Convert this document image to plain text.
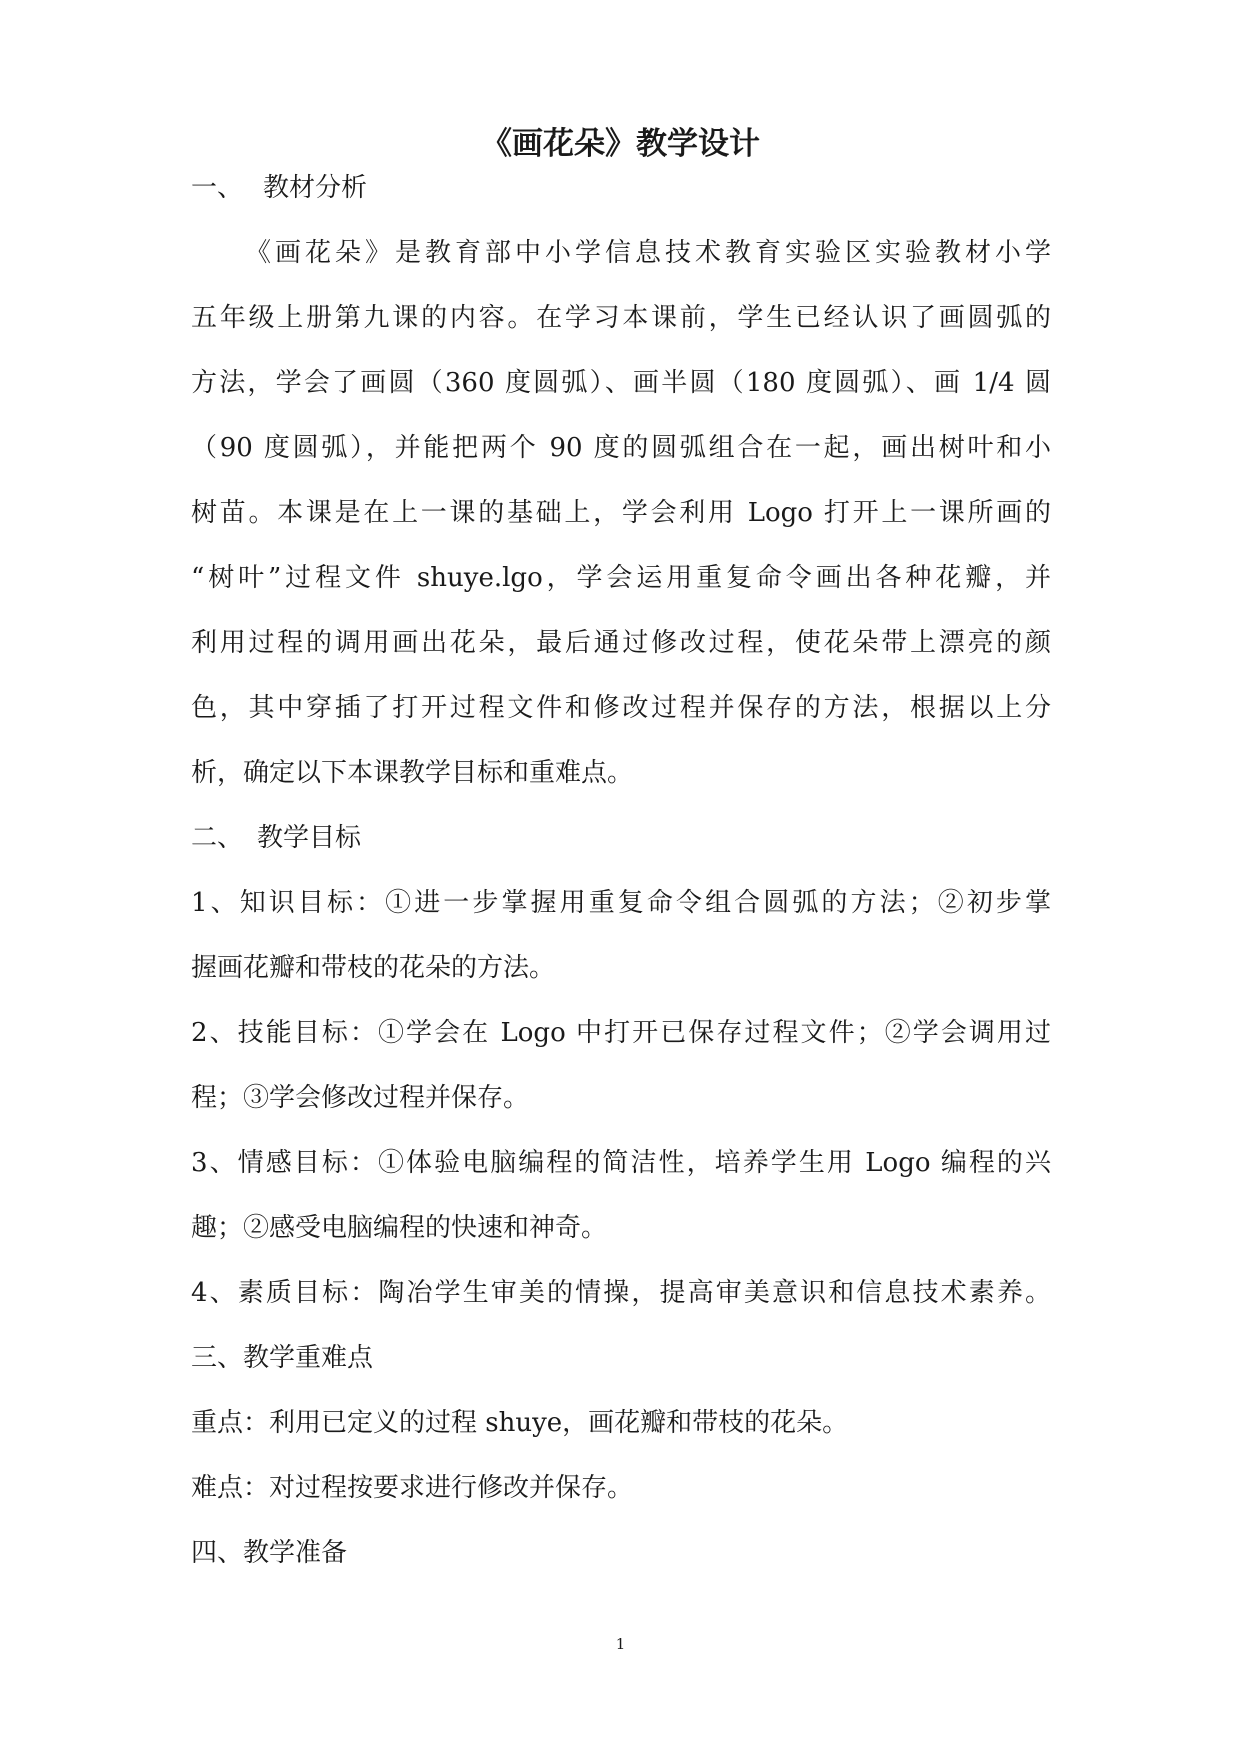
《画花朵》教学设计
一、 教材分析
《画花朵》是教育部中小学信息技术教育实验区实验教材小学
五年级上册第九课的内容。在学习本课前，学生已经认识了画圆弧的
方法，学会了画圆（360 度圆弧）、画半圆（180 度圆弧）、画 1/4 圆
（90 度圆弧），并能把两个 90 度的圆弧组合在一起，画出树叶和小
树苗。本课是在上一课的基础上，学会利用 Logo 打开上一课所画的
“树叶”过程文件 shuye.lgo，学会运用重复命令画出各种花瓣，并
利用过程的调用画出花朵，最后通过修改过程，使花朵带上漂亮的颜
色，其中穿插了打开过程文件和修改过程并保存的方法，根据以上分
析，确定以下本课教学目标和重难点。
二、 教学目标
1、知识目标：①进一步掌握用重复命令组合圆弧的方法；②初步掌
握画花瓣和带枝的花朵的方法。
2、技能目标：①学会在 Logo 中打开已保存过程文件；②学会调用过
程；③学会修改过程并保存。
3、情感目标：①体验电脑编程的简洁性，培养学生用 Logo 编程的兴
趣；②感受电脑编程的快速和神奇。
4、素质目标：陶冶学生审美的情操，提高审美意识和信息技术素养。
三、教学重难点
重点：利用已定义的过程 shuye，画花瓣和带枝的花朵。
难点：对过程按要求进行修改并保存。
四、教学准备
1
